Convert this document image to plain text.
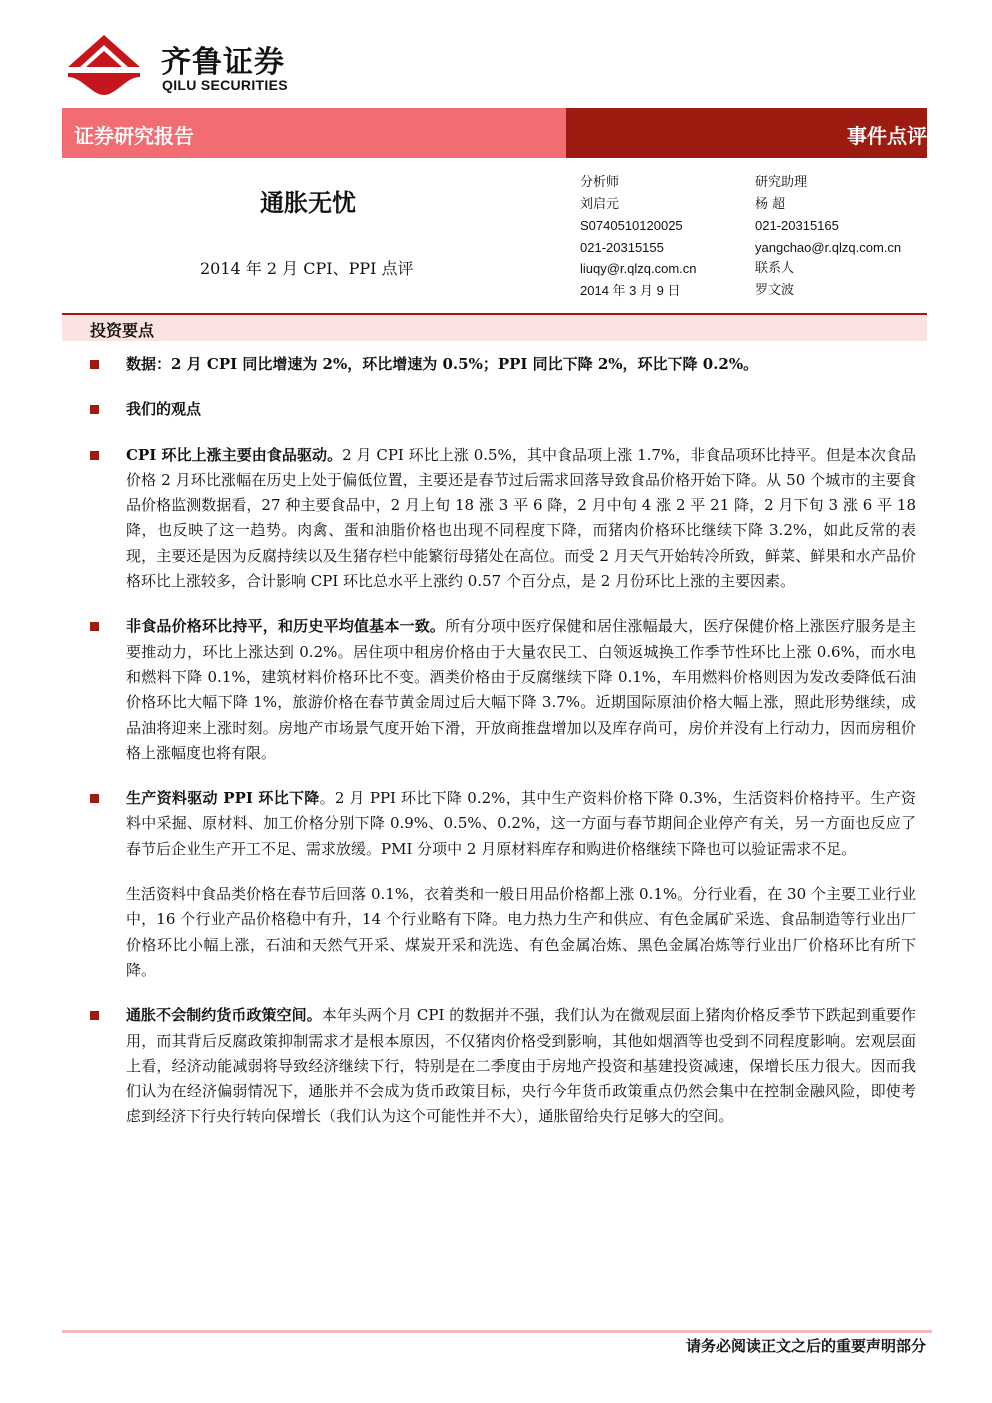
齐鲁证券
QILU SECURITIES
证券研究报告	事件点评
通胀无忧
2014 年 2 月 CPI、PPI 点评
分析师
刘启元
S0740510120025
021-20315155
liuqy@r.qlzq.com.cn
2014 年 3 月 9 日
研究助理
杨 超
021-20315165
yangchao@r.qlzq.com.cn
联系人
罗文波
投资要点
数据：2 月 CPI 同比增速为 2%，环比增速为 0.5%；PPI 同比下降 2%，环比下降 0.2%。
我们的观点
CPI 环比上涨主要由食品驱动。2 月 CPI 环比上涨 0.5%，其中食品项上涨 1.7%，非食品项环比持平。但是本次食品价格 2 月环比涨幅在历史上处于偏低位置，主要还是春节过后需求回落导致食品价格开始下降。从 50 个城市的主要食品价格监测数据看，27 种主要食品中，2 月上旬 18 涨 3 平 6 降，2 月中旬 4 涨 2 平 21 降，2 月下旬 3 涨 6 平 18 降，也反映了这一趋势。肉禽、蛋和油脂价格也出现不同程度下降，而猪肉价格环比继续下降 3.2%，如此反常的表现，主要还是因为反腐持续以及生猪存栏中能繁衍母猪处在高位。而受 2 月天气开始转冷所致，鲜菜、鲜果和水产品价格环比上涨较多，合计影响 CPI 环比总水平上涨约 0.57 个百分点，是 2 月份环比上涨的主要因素。
非食品价格环比持平，和历史平均值基本一致。所有分项中医疗保健和居住涨幅最大，医疗保健价格上涨医疗服务是主要推动力，环比上涨达到 0.2%。居住项中租房价格由于大量农民工、白领返城换工作季节性环比上涨 0.6%，而水电和燃料下降 0.1%，建筑材料价格环比不变。酒类价格由于反腐继续下降 0.1%，车用燃料价格则因为发改委降低石油价格环比大幅下降 1%，旅游价格在春节黄金周过后大幅下降 3.7%。近期国际原油价格大幅上涨，照此形势继续，成品油将迎来上涨时刻。房地产市场景气度开始下滑，开放商推盘增加以及库存尚可，房价并没有上行动力，因而房租价格上涨幅度也将有限。
生产资料驱动 PPI 环比下降。2 月 PPI 环比下降 0.2%，其中生产资料价格下降 0.3%，生活资料价格持平。生产资料中采掘、原材料、加工价格分别下降 0.9%、0.5%、0.2%，这一方面与春节期间企业停产有关，另一方面也反应了春节后企业生产开工不足、需求放缓。PMI 分项中 2 月原材料库存和购进价格继续下降也可以验证需求不足。
生活资料中食品类价格在春节后回落 0.1%，衣着类和一般日用品价格都上涨 0.1%。分行业看，在 30 个主要工业行业中，16 个行业产品价格稳中有升，14 个行业略有下降。电力热力生产和供应、有色金属矿采选、食品制造等行业出厂价格环比小幅上涨，石油和天然气开采、煤炭开采和洗选、有色金属冶炼、黑色金属冶炼等行业出厂价格环比有所下降。
通胀不会制约货币政策空间。本年头两个月 CPI 的数据并不强，我们认为在微观层面上猪肉价格反季节下跌起到重要作用，而其背后反腐政策抑制需求才是根本原因，不仅猪肉价格受到影响，其他如烟酒等也受到不同程度影响。宏观层面上看，经济动能减弱将导致经济继续下行，特别是在二季度由于房地产投资和基建投资减速，保增长压力很大。因而我们认为在经济偏弱情况下，通胀并不会成为货币政策目标，央行今年货币政策重点仍然会集中在控制金融风险，即使考虑到经济下行央行转向保增长（我们认为这个可能性并不大），通胀留给央行足够大的空间。
请务必阅读正文之后的重要声明部分
